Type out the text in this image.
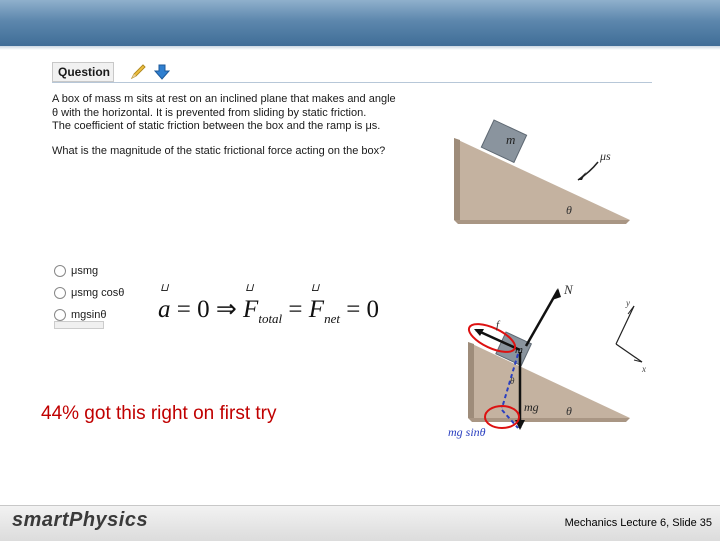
Question

A box of mass m sits at rest on an inclined plane that makes and angle

θ with the horizontal. It is prevented from sliding by static friction.

The coefficient of static friction between the box and the ramp is μs.

What is the magnitude of the static frictional force acting on the box?
μsmg
μsmg cosθ
mgsinθ
⊔ a = 0 ⇒ ⊔ $F_{total}$ = ⊔ $F_{net} = 0$
44% got this right on first try
m
μs
θ
N
f
m
θ
mg θ
mg sinθ
y
x
smartPhysics	Mechanics Lecture 6, Slide 35
